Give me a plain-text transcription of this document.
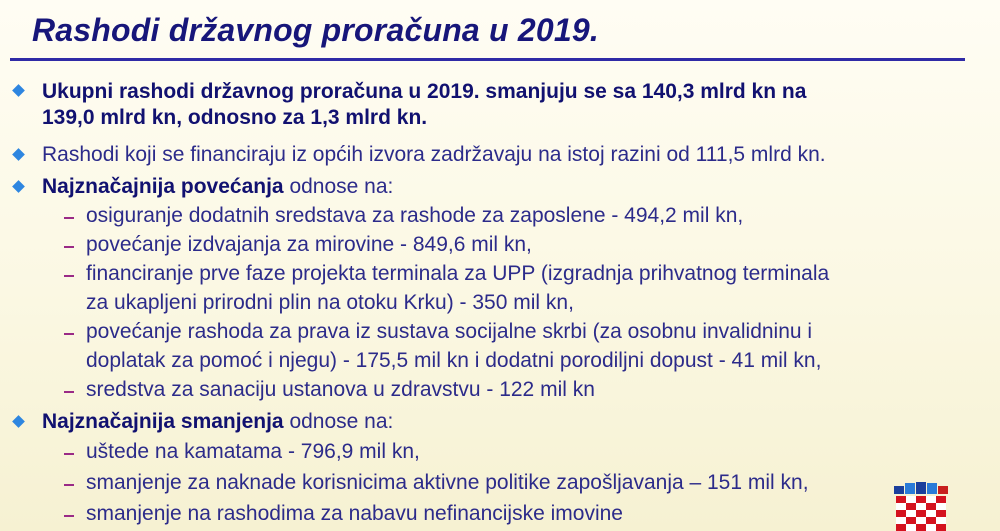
Rashodi državnog proračuna u 2019.
Ukupni rashodi državnog proračuna u 2019. smanjuju se sa 140,3 mlrd kn na
139,0 mlrd kn, odnosno za 1,3 mlrd kn.
Rashodi koji se financiraju iz općih izvora zadržavaju na istoj razini od 111,5 mlrd kn.
Najznačajnija povećanja odnose na:
osiguranje dodatnih sredstava za rashode za zaposlene - 494,2 mil kn,
povećanje izdvajanja za mirovine - 849,6 mil kn,
financiranje prve faze projekta terminala za UPP (izgradnja prihvatnog terminala
za ukapljeni prirodni plin na otoku Krku) - 350 mil kn,
povećanje rashoda za prava iz sustava socijalne skrbi (za osobnu invalidninu i
doplatak za pomoć i njegu) - 175,5 mil kn i dodatni porodiljni dopust - 41 mil kn,
sredstva za sanaciju ustanova u zdravstvu - 122 mil kn
Najznačajnija smanjenja odnose na:
uštede na kamatama - 796,9 mil kn,
smanjenje za naknade korisnicima aktivne politike zapošljavanja – 151 mil kn,
smanjenje na rashodima za nabavu nefinancijske imovine
